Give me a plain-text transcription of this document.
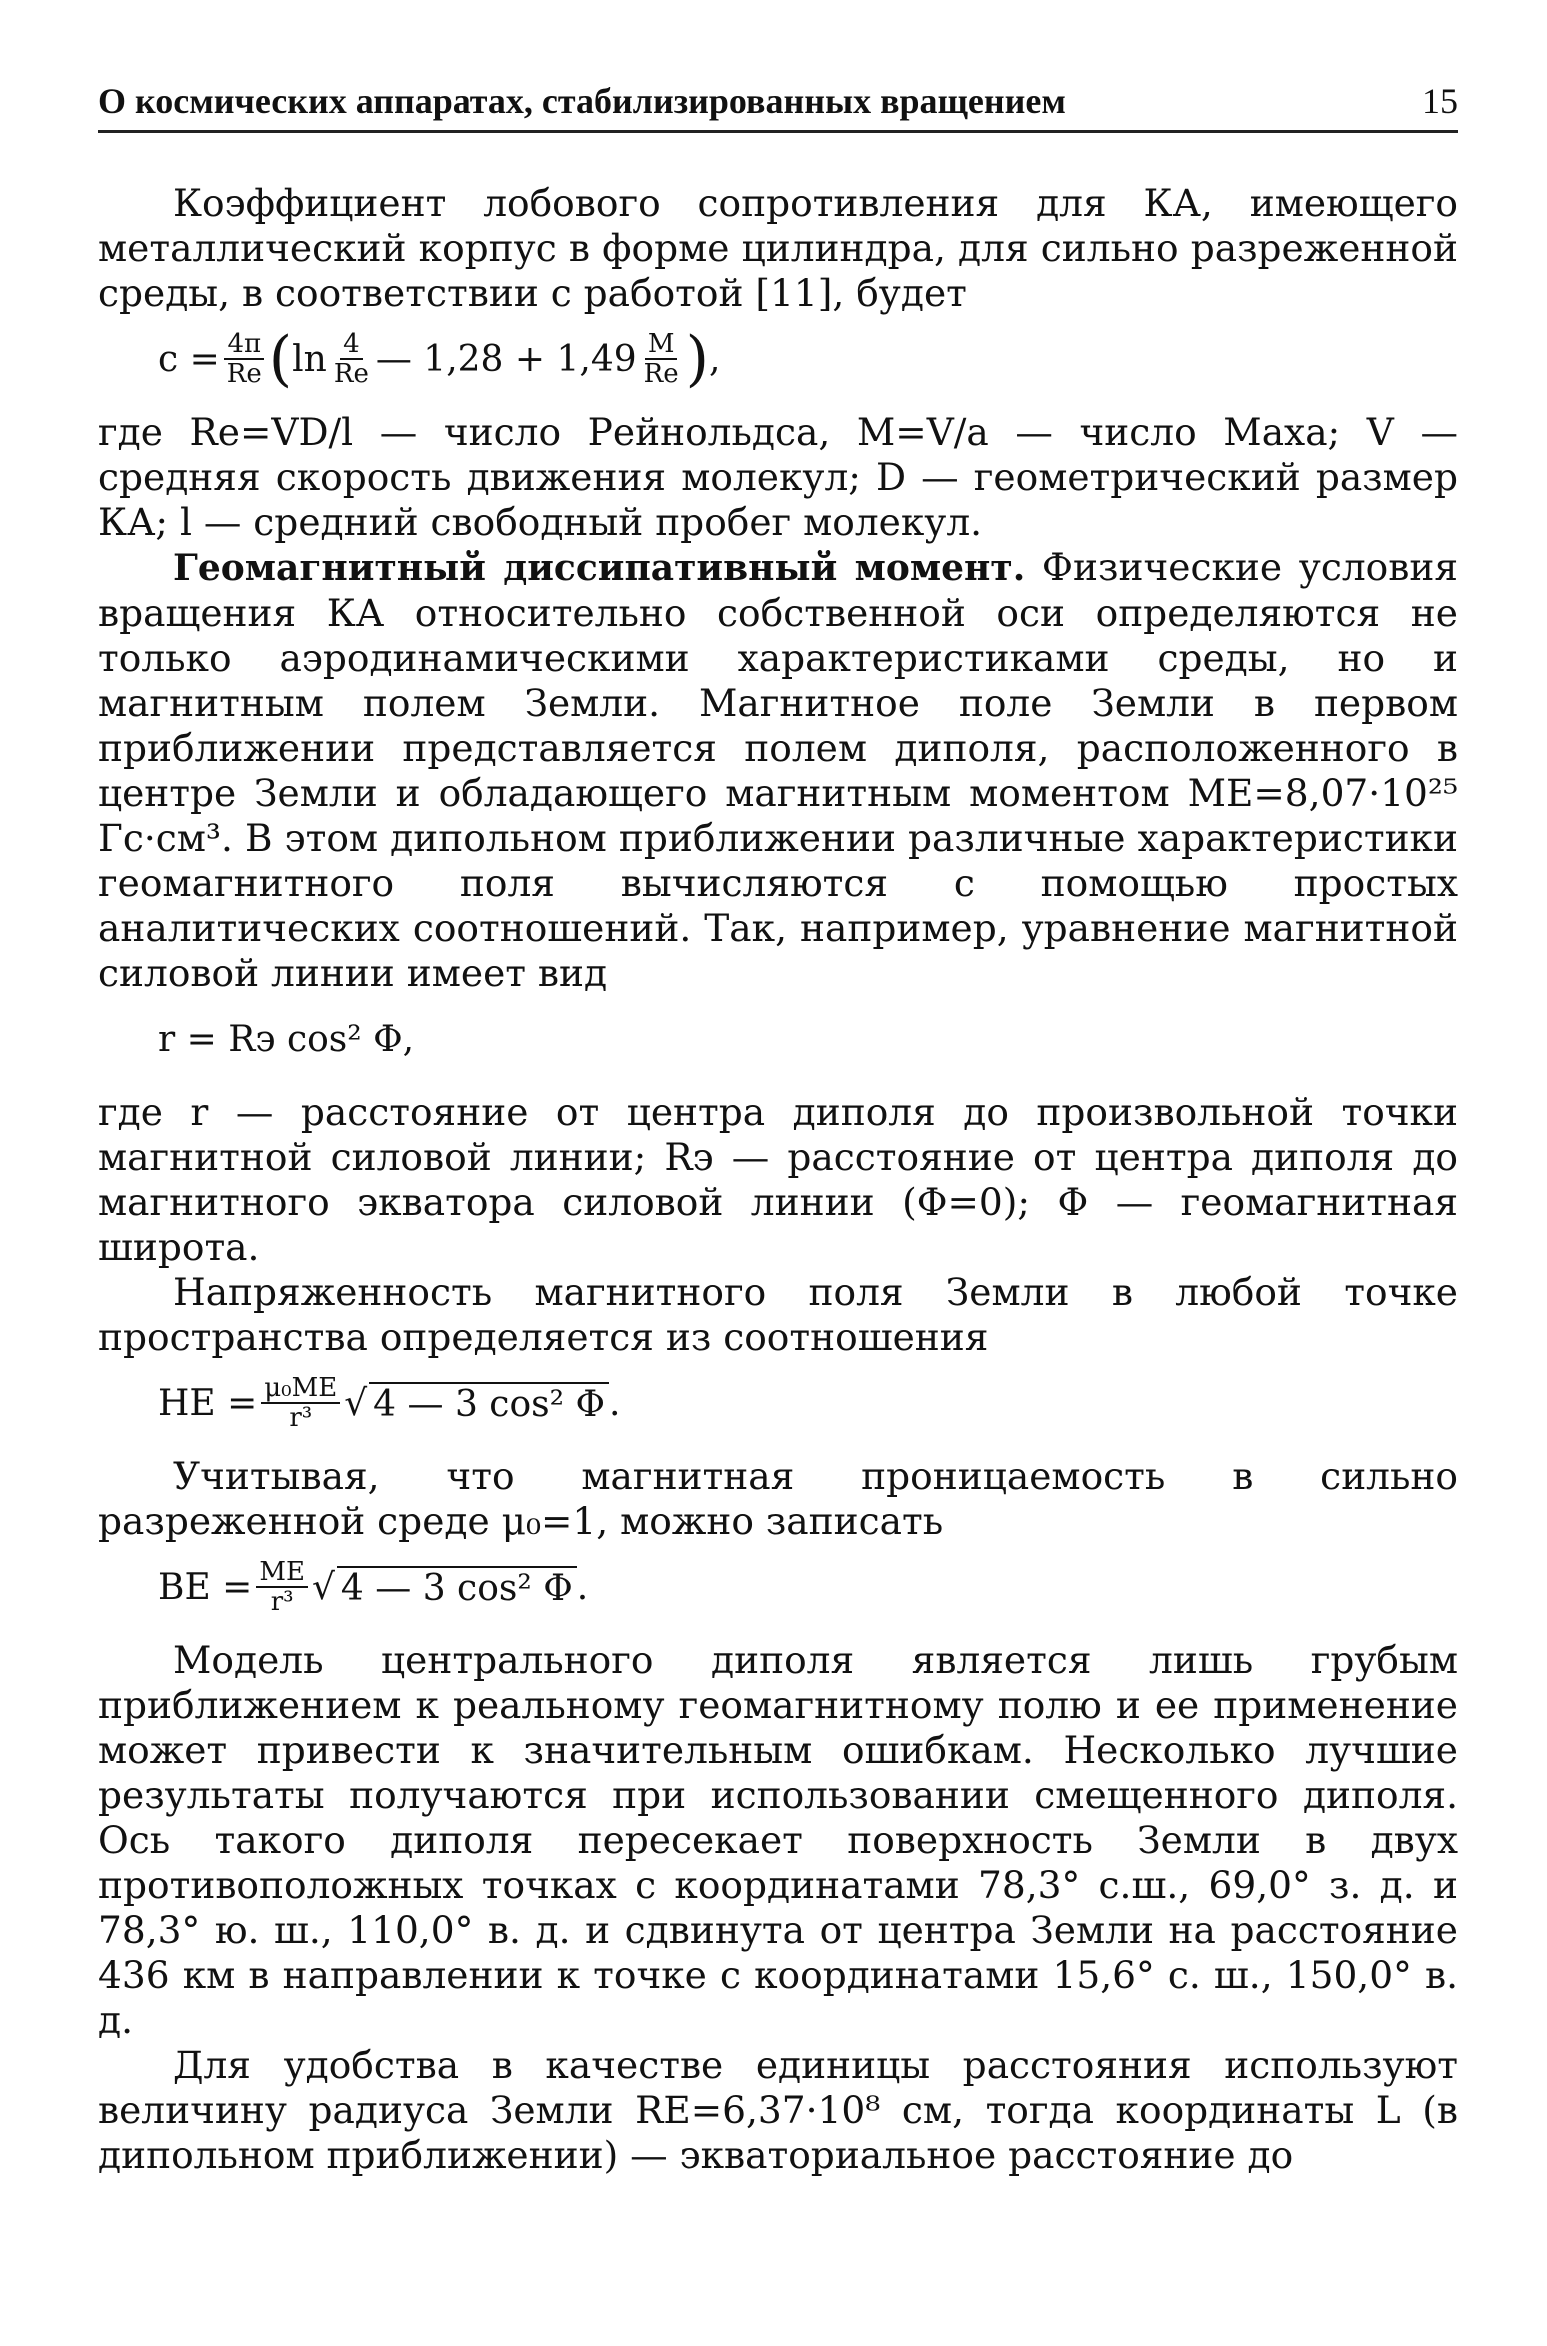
О космических аппаратах, стабилизированных вращением	15

Коэффициент лобового сопротивления для КА, имеющего металлический корпус в форме цилиндра, для сильно разреженной среды, в соответствии с работой [11], будет

$c = \frac{4\pi}{Re}$ ( $\ln \frac{4}{Re}$ — $1,28 + 1,49 \frac{M}{Re}$ ) ,

где Re=VD/l — число Рейнольдса, M=V/a — число Маха; V — средняя скорость движения молекул; D — геометрический размер КА; l — средний свободный пробег молекул.

Геомагнитный диссипативный момент. Физические условия вращения КА относительно собственной оси определяются не только аэродинамическими характеристиками среды, но и магнитным полем Земли. Магнитное поле Земли в первом приближении представляется полем диполя, расположенного в центре Земли и обладающего магнитным моментом ME=8,07·10²⁵ Гс·см³. В этом дипольном приближении различные характеристики геомагнитного поля вычисляются с помощью простых аналитических соотношений. Так, например, уравнение магнитной силовой линии имеет вид

r = Rэ cos² Φ,

где r — расстояние от центра диполя до произвольной точки магнитной силовой линии; Rэ — расстояние от центра диполя до магнитного экватора силовой линии (Φ=0); Φ — геомагнитная широта.

Напряженность магнитного поля Земли в любой точке пространства определяется из соотношения

HE = $\frac{\text{μ₀ME}}{\text{r³}}$ √ 4 — 3 cos² Φ .

Учитывая, что магнитная проницаемость в сильно разреженной среде μ₀=1, можно записать

BE = $\frac{ME}{\text{r³}}$ √ 4 — 3 cos² Φ .

Модель центрального диполя является лишь грубым приближением к реальному геомагнитному полю и ее применение может привести к значительным ошибкам. Несколько лучшие результаты получаются при использовании смещенного диполя. Ось такого диполя пересекает поверхность Земли в двух противоположных точках с координатами 78,3° с.ш., 69,0° з. д. и 78,3° ю. ш., 110,0° в. д. и сдвинута от центра Земли на расстояние 436 км в направлении к точке с координатами 15,6° с. ш., 150,0° в. д.

Для удобства в качестве единицы расстояния используют величину радиуса Земли RE=6,37·10⁸ см, тогда координаты L (в дипольном приближении) — экваториальное расстояние до
